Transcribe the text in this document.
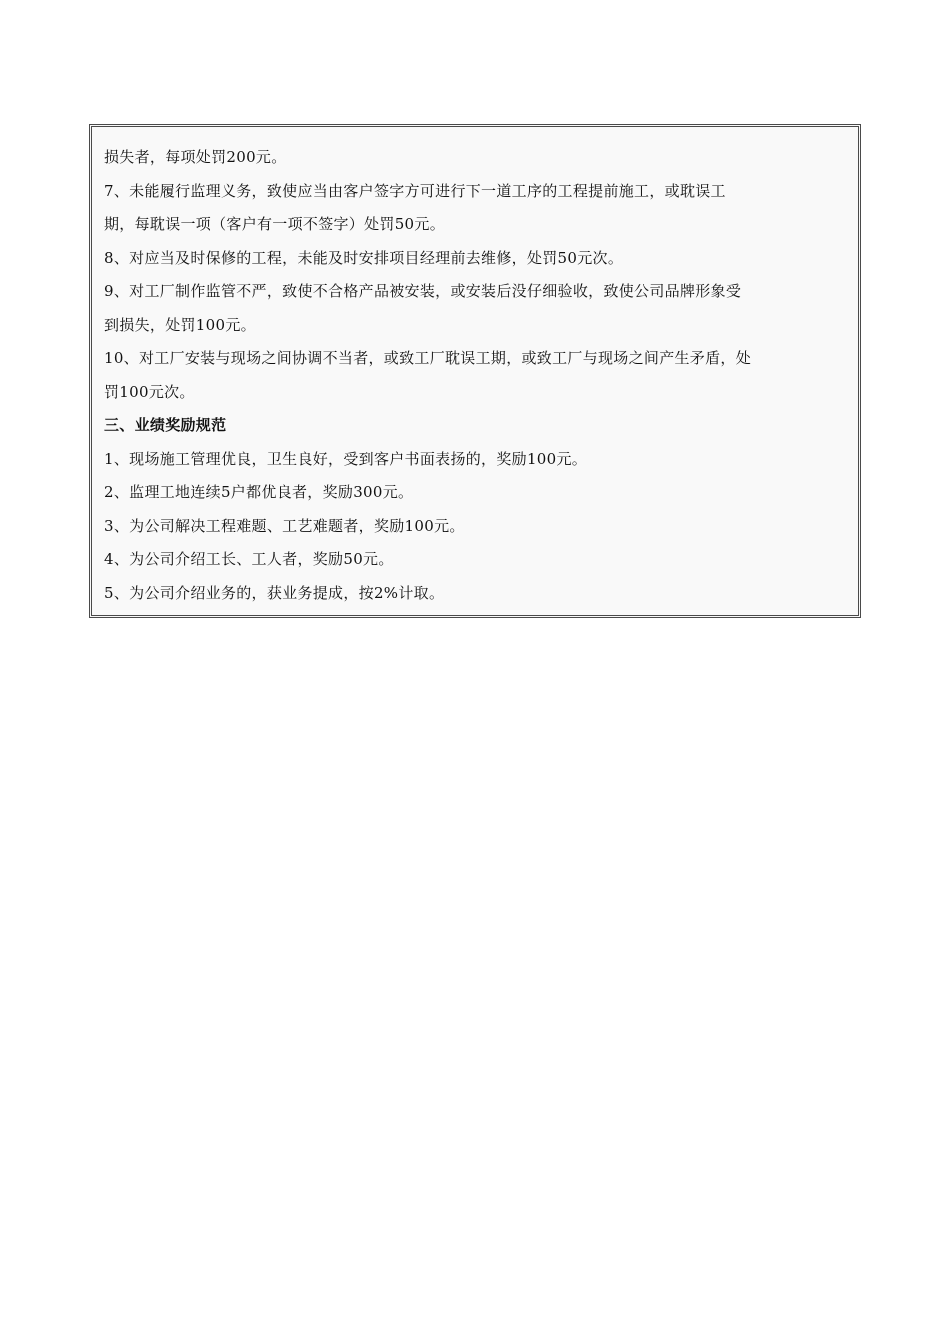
损失者，每项处罚200元。
7、未能履行监理义务，致使应当由客户签字方可进行下一道工序的工程提前施工，或耽误工
期，每耽误一项（客户有一项不签字）处罚50元。
8、对应当及时保修的工程，未能及时安排项目经理前去维修，处罚50元次。
9、对工厂制作监管不严，致使不合格产品被安装，或安装后没仔细验收，致使公司品牌形象受
到损失，处罚100元。
10、对工厂安装与现场之间协调不当者，或致工厂耽误工期，或致工厂与现场之间产生矛盾，处
罚100元次。
三、业绩奖励规范
1、现场施工管理优良，卫生良好，受到客户书面表扬的，奖励100元。
2、监理工地连续5户都优良者，奖励300元。
3、为公司解决工程难题、工艺难题者，奖励100元。
4、为公司介绍工长、工人者，奖励50元。
5、为公司介绍业务的，获业务提成，按2%计取。
